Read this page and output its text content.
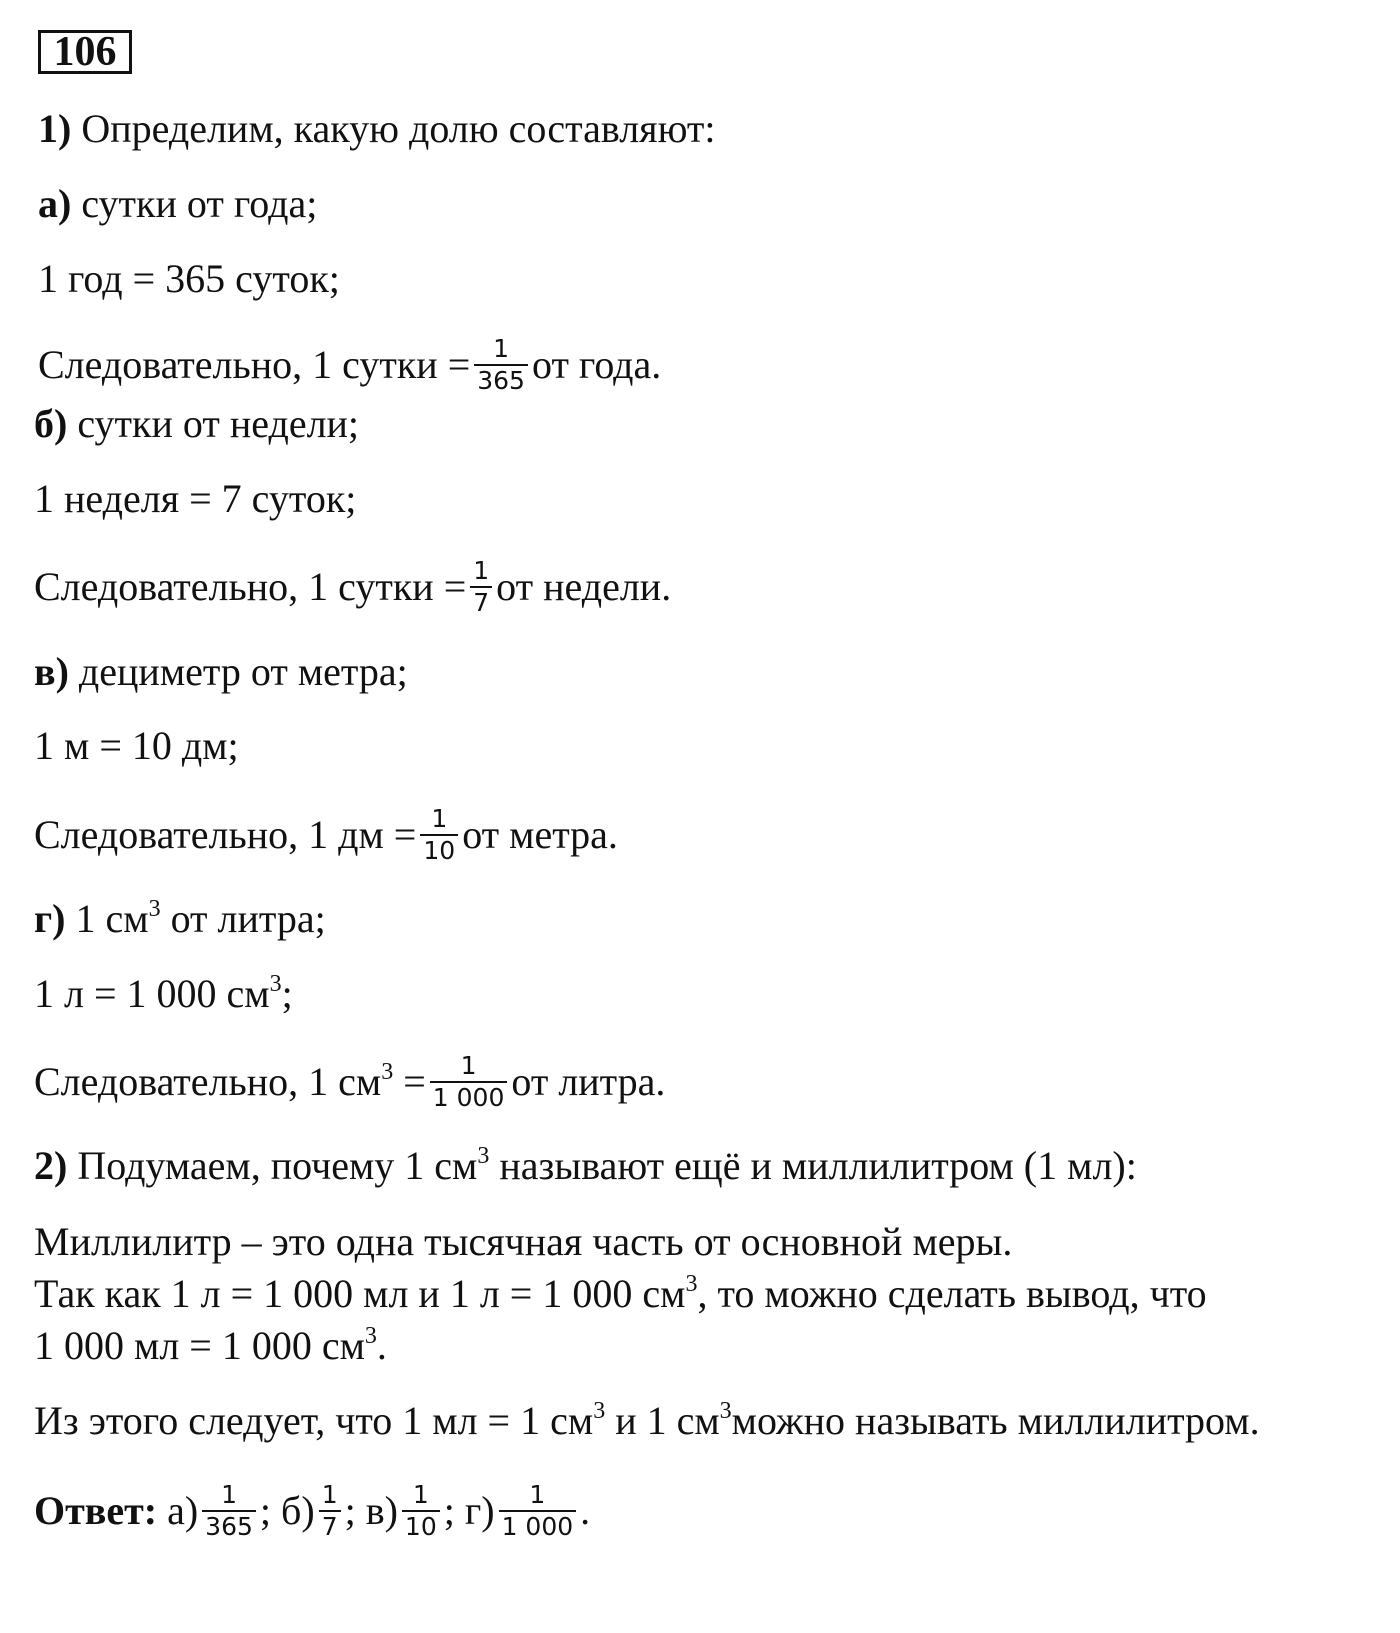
106
1) Определим, какую долю составляют:
а) сутки от года;
1 год = 365 суток;
Следовательно, 1 сутки = $\frac{1}{365}$ от года.
б) сутки от недели;
1 неделя = 7 суток;
Следовательно, 1 сутки = $\frac{1}{7}$ от недели.
в) дециметр от метра;
1 м = 10 дм;
Следовательно, 1 дм = $\frac{1}{10}$ от метра.
г) 1 $см^3$ от литра;
1 л = 1 000 $см^3$;
Следовательно, 1 $см^3 = \frac{1}{1 000}$ от литра.
2) Подумаем, почему 1 $см^3$ называют ещё и миллилитром (1 мл):
Миллилитр – это одна тысячная часть от основной меры.
Так как 1 л = 1 000 мл и 1 л = 1 000 $см^3$, то можно сделать вывод, что
1 000 мл = 1 000 $см^3$.
Из этого следует, что 1 мл = 1 $см^3$ и 1 $см^3можно$ называть миллилитром.
Ответ: $а) \frac{1}{365}$ ; $б) \frac{1}{7}$ ; $в) \frac{1}{10}$ ; $г) \frac{1}{1 000}$ .
